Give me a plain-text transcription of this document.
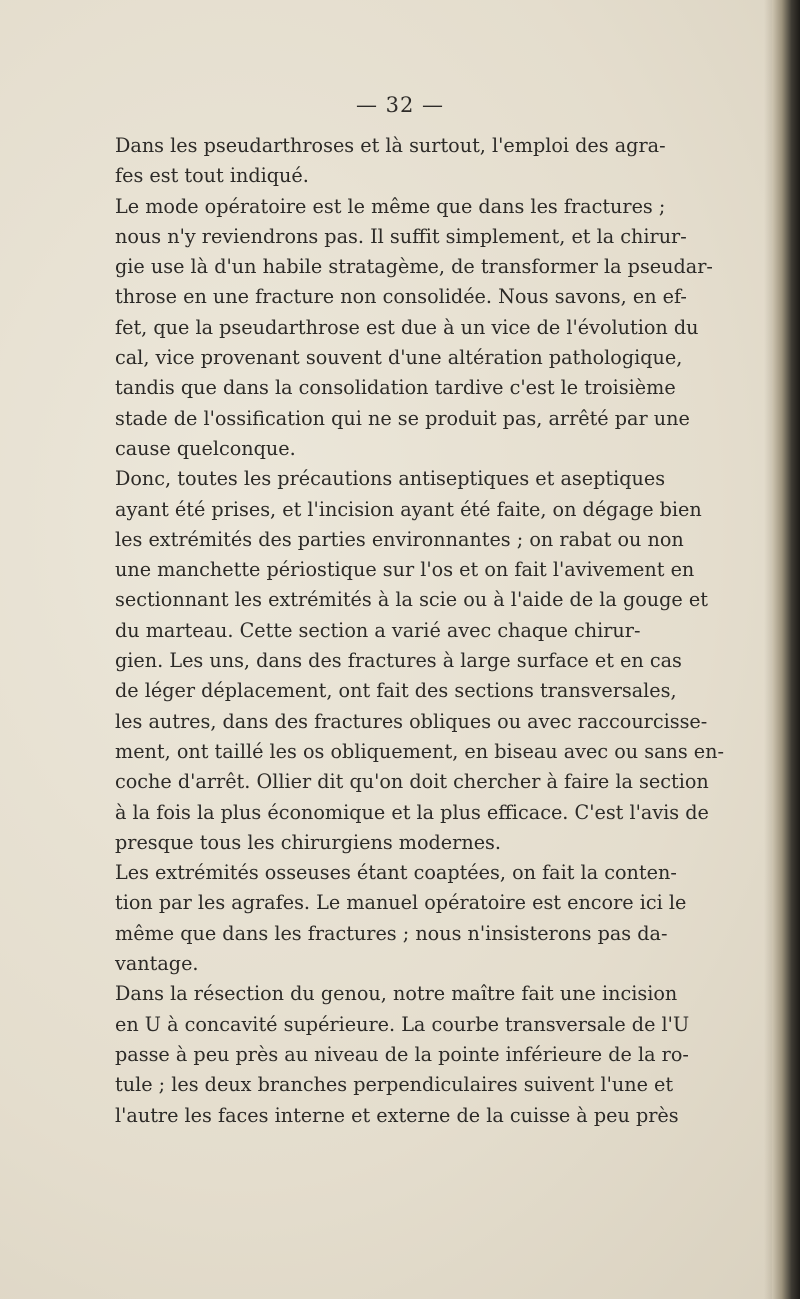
— 32 —

Dans les pseudarthroses et là surtout, l'emploi des agra-
fes est tout indiqué.

Le mode opératoire est le même que dans les fractures ;
nous n'y reviendrons pas. Il suffit simplement, et la chirur-
gie use là d'un habile stratagème, de transformer la pseudar-
throse en une fracture non consolidée. Nous savons, en ef-
fet, que la pseudarthrose est due à un vice de l'évolution du
cal, vice provenant souvent d'une altération pathologique,
tandis que dans la consolidation tardive c'est le troisième
stade de l'ossification qui ne se produit pas, arrêté par une
cause quelconque.

Donc, toutes les précautions antiseptiques et aseptiques
ayant été prises, et l'incision ayant été faite, on dégage bien
les extrémités des parties environnantes ; on rabat ou non
une manchette périostique sur l'os et on fait l'avivement en
sectionnant les extrémités à la scie ou à l'aide de la gouge et
du marteau. Cette section a varié avec chaque chirur-
gien. Les uns, dans des fractures à large surface et en cas
de léger déplacement, ont fait des sections transversales,
les autres, dans des fractures obliques ou avec raccourcisse-
ment, ont taillé les os obliquement, en biseau avec ou sans en-
coche d'arrêt. Ollier dit qu'on doit chercher à faire la section
à la fois la plus économique et la plus efficace. C'est l'avis de
presque tous les chirurgiens modernes.

Les extrémités osseuses étant coaptées, on fait la conten-
tion par les agrafes. Le manuel opératoire est encore ici le
même que dans les fractures ; nous n'insisterons pas da-
vantage.

Dans la résection du genou, notre maître fait une incision
en U à concavité supérieure. La courbe transversale de l'U
passe à peu près au niveau de la pointe inférieure de la ro-
tule ; les deux branches perpendiculaires suivent l'une et
l'autre les faces interne et externe de la cuisse à peu près
